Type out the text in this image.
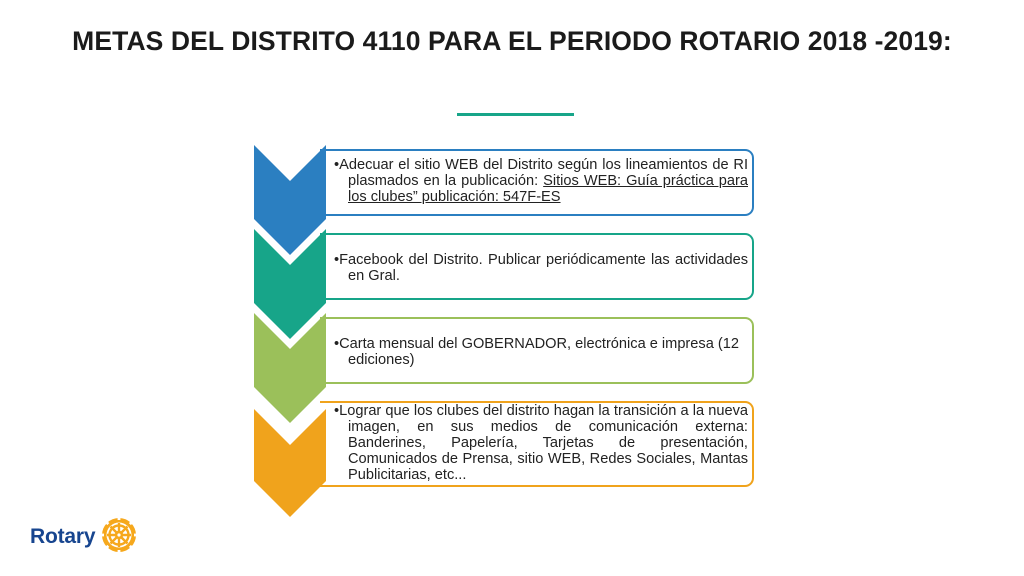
METAS DEL DISTRITO 4110 PARA EL PERIODO ROTARIO 2018 -2019:
•Adecuar el sitio WEB del Distrito según los lineamientos de RI plasmados en la publicación: Sitios WEB: Guía práctica para los clubes” publicación: 547F-ES
•Facebook del Distrito. Publicar periódicamente las actividades en Gral.
•Carta mensual del GOBERNADOR, electrónica e impresa (12 ediciones)
•Lograr que los clubes del distrito hagan la transición a la nueva imagen, en sus medios de comunicación externa: Banderines, Papelería, Tarjetas de presentación, Comunicados de Prensa, sitio WEB, Redes Sociales, Mantas Publicitarias, etc...
Rotary
